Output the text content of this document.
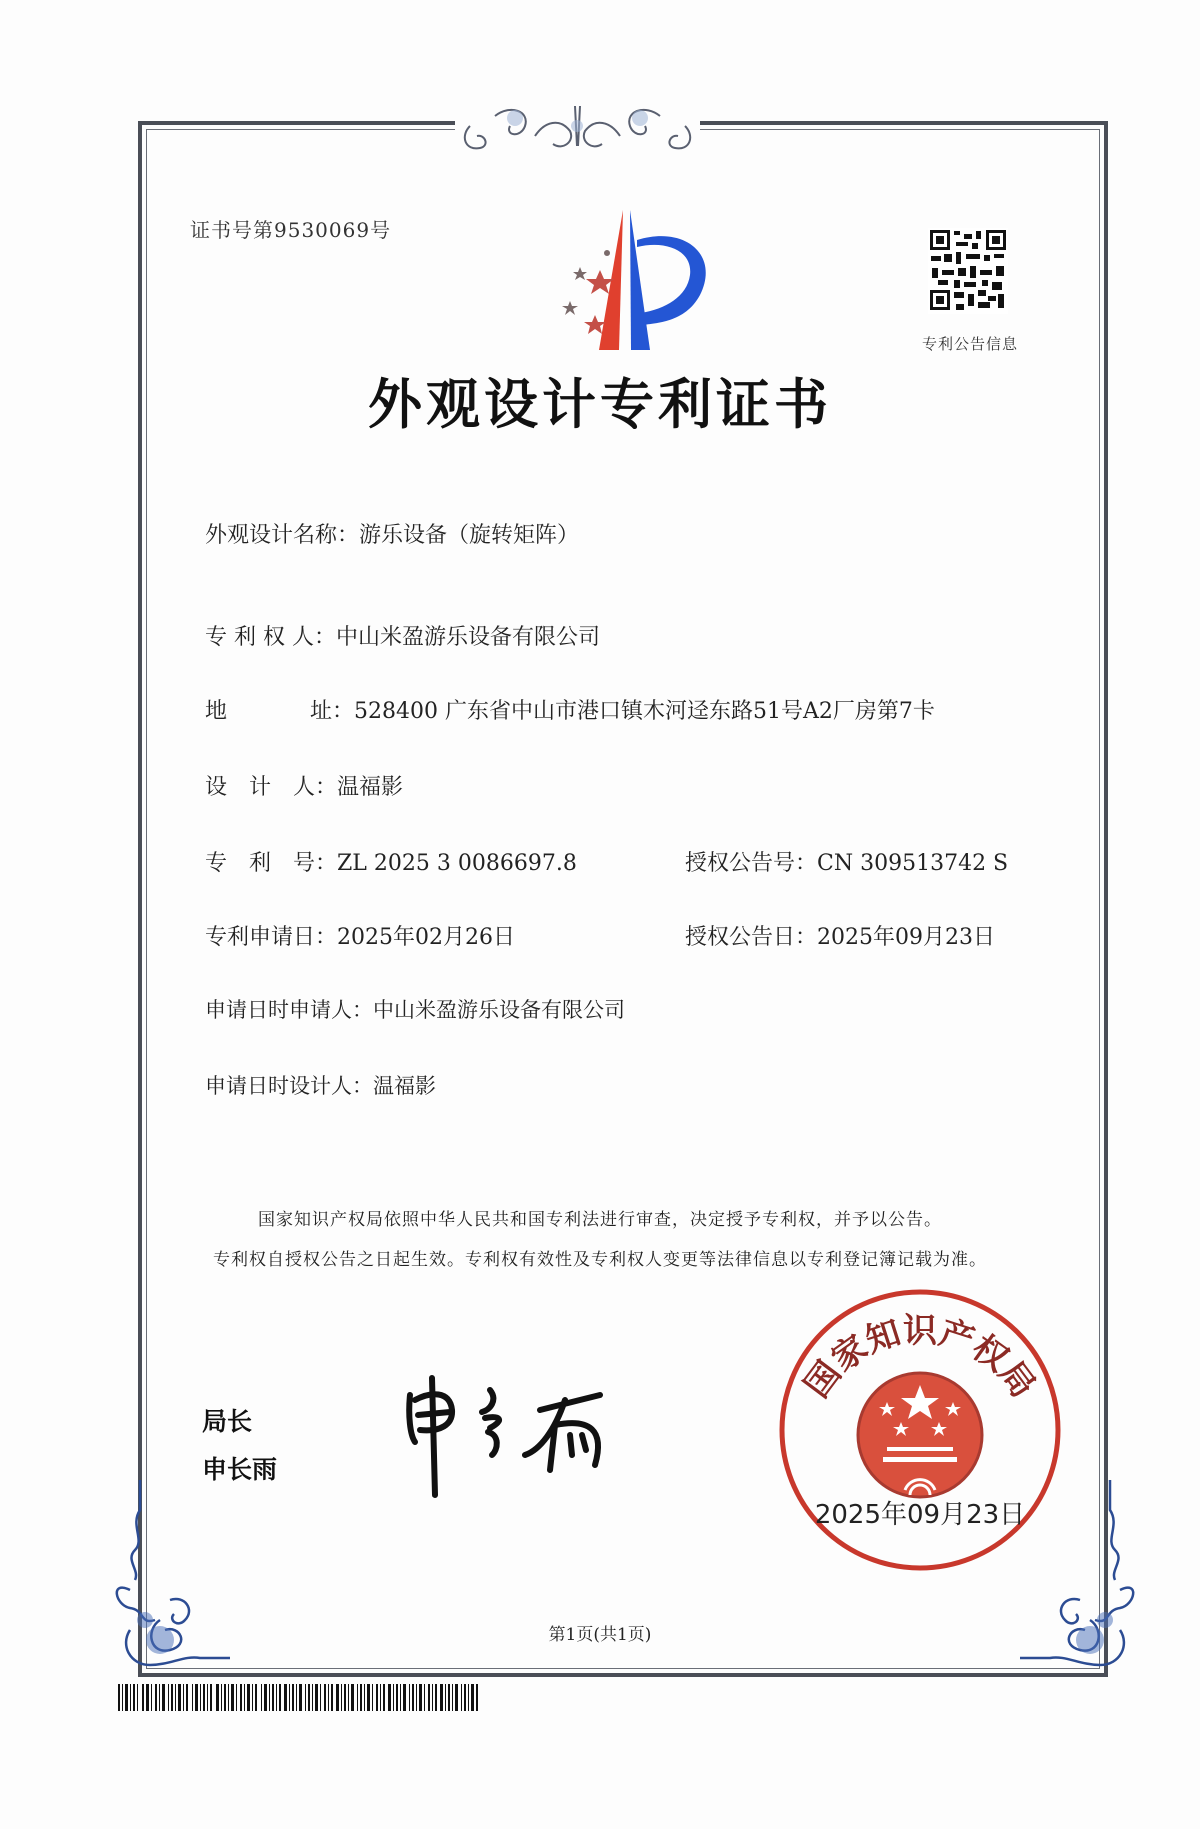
证书号第9530069号
专利公告信息
外观设计专利证书
外观设计名称：游乐设备（旋转矩阵）
专 利 权 人：中山米盈游乐设备有限公司
地	址：528400 广东省中山市港口镇木河迳东路51号A2厂房第7卡
设　计　人：温福影
专　利　号：ZL 2025 3 0086697.8	授权公告号：CN 309513742 S
专利申请日：2025年02月26日	授权公告日：2025年09月23日
申请日时申请人：中山米盈游乐设备有限公司
申请日时设计人：温福影
国家知识产权局依照中华人民共和国专利法进行审查，决定授予专利权，并予以公告。
专利权自授权公告之日起生效。专利权有效性及专利权人变更等法律信息以专利登记簿记载为准。
局长
申长雨
国家知识产权局
2025年09月23日
第1页(共1页)
